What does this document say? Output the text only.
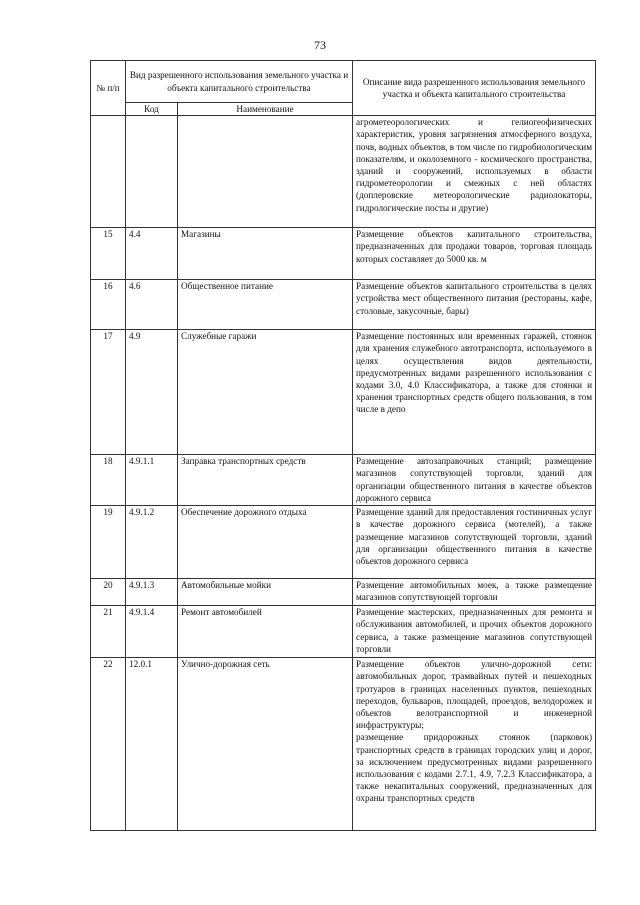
73
№ п/п	Вид разрешенного использования земельного участка и объекта капитального строительства		Описание вида разрешенного использования земельного участка и объекта капитального строительства
	Код	Наименование	
			агрометеорологических и гелиогеофизических характеристик, уровня загрязнения атмосферного воздуха, почв, водных объектов, в том числе по гидробиологическим показателям, и околоземного - космического пространства, зданий и сооружений, используемых в области гидрометеорологии и смежных с ней областях (доплеровские метеорологические радиолокаторы, гидрологические посты и другие)
15	4.4	Магазины	Размещение объектов капитального строительства, предназначенных для продажи товаров, торговая площадь которых составляет до 5000 кв. м
16	4.6	Общественное питание	Размещение объектов капитального строительства в целях устройства мест общественного питания (рестораны, кафе, столовые, закусочные, бары)
17	4.9	Служебные гаражи	Размещение постоянных или временных гаражей, стоянок для хранения служебного автотранспорта, используемого в целях осуществления видов деятельности, предусмотренных видами разрешенного использования с кодами 3.0, 4.0 Классификатора, а также для стоянки и хранения транспортных средств общего пользования, в том числе в депо
18	4.9.1.1	Заправка транспортных средств	Размещение автозаправочных станций; размещение магазинов сопутствующей торговли, зданий для организации общественного питания в качестве объектов дорожного сервиса
19	4.9.1.2	Обеспечение дорожного отдыха	Размещение зданий для предоставления гостиничных услуг в качестве дорожного сервиса (мотелей), а также размещение магазинов сопутствующей торговли, зданий для организации общественного питания в качестве объектов дорожного сервиса
20	4.9.1.3	Автомобильные мойки	Размещение автомобильных моек, а также размещение магазинов сопутствующей торговли
21	4.9.1.4	Ремонт автомобилей	Размещение мастерских, предназначенных для ремонта и обслуживания автомобилей, и прочих объектов дорожного сервиса, а также размещение магазинов сопутствующей торговли
22	12.0.1	Улично-дорожная сеть	Размещение объектов улично-дорожной сети: автомобильных дорог, трамвайных путей и пешеходных тротуаров в границах населенных пунктов, пешеходных переходов, бульваров, площадей, проездов, велодорожек и объектов велотранспортной и инженерной инфраструктуры;
размещение придорожных стоянок (парковок) транспортных средств в границах городских улиц и дорог, за исключением предусмотренных видами разрешенного использования с кодами 2.7.1, 4.9, 7.2.3 Классификатора, а также некапитальных сооружений, предназначенных для охраны транспортных средств
